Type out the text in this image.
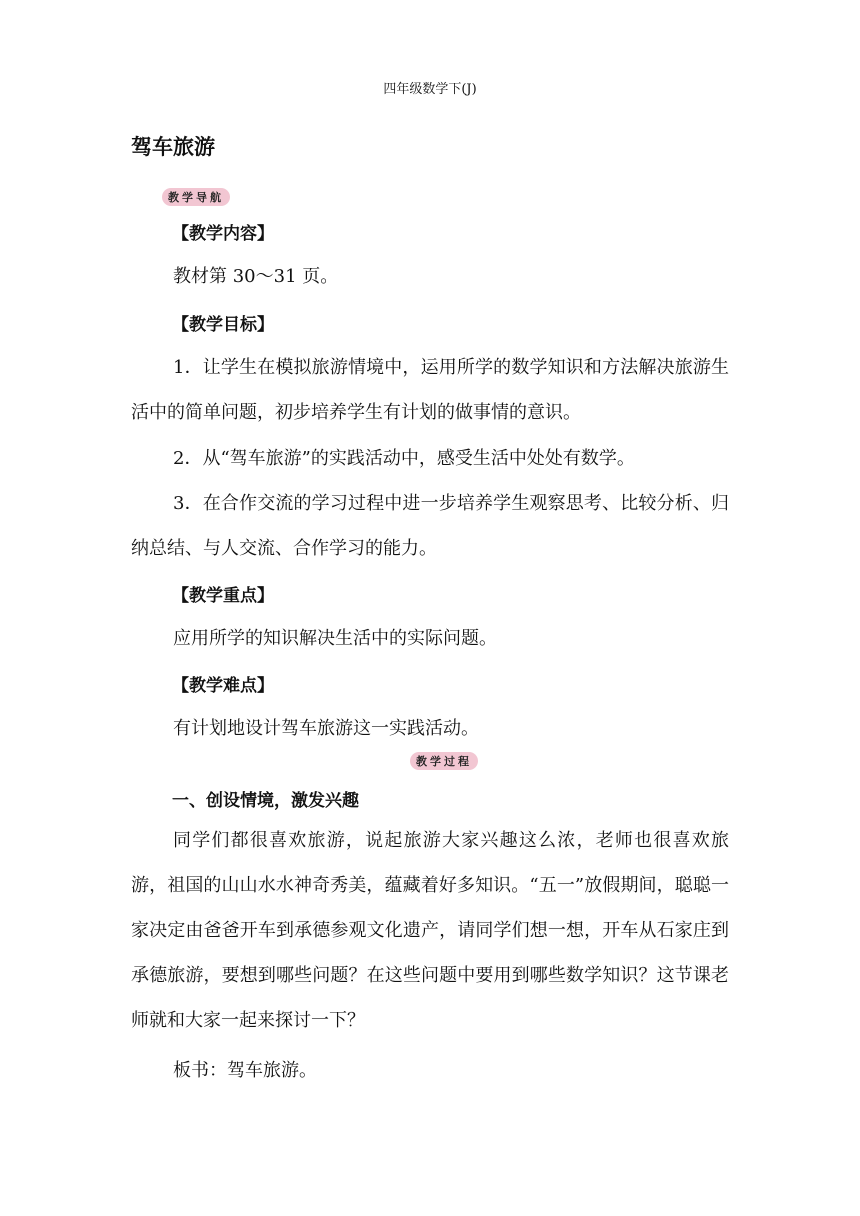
四年级数学下(J)
驾车旅游
教学导航
【教学内容】
教材第 30～31 页。
【教学目标】
1．让学生在模拟旅游情境中，运用所学的数学知识和方法解决旅游生活中的简单问题，初步培养学生有计划的做事情的意识。
2．从“驾车旅游”的实践活动中，感受生活中处处有数学。
3．在合作交流的学习过程中进一步培养学生观察思考、比较分析、归纳总结、与人交流、合作学习的能力。
【教学重点】
应用所学的知识解决生活中的实际问题。
【教学难点】
有计划地设计驾车旅游这一实践活动。
教学过程
一、创设情境，激发兴趣
同学们都很喜欢旅游，说起旅游大家兴趣这么浓，老师也很喜欢旅游，祖国的山山水水神奇秀美，蕴藏着好多知识。“五一”放假期间，聪聪一家决定由爸爸开车到承德参观文化遗产，请同学们想一想，开车从石家庄到承德旅游，要想到哪些问题？在这些问题中要用到哪些数学知识？这节课老师就和大家一起来探讨一下？
板书：驾车旅游。
